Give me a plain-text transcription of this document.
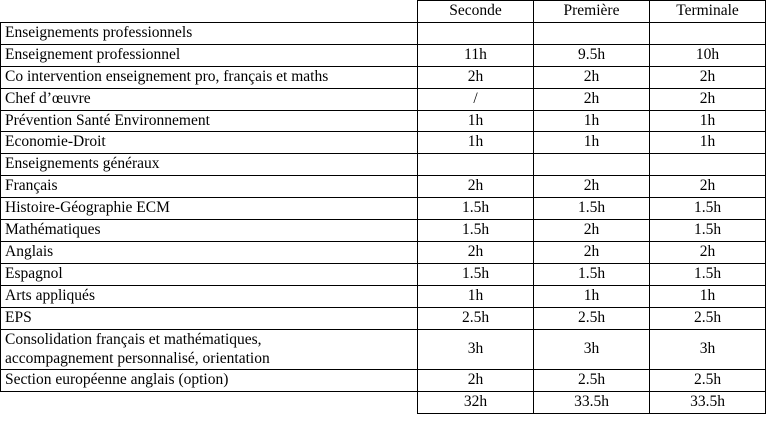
	Seconde	Première	Terminale
Enseignements professionnels			
Enseignement professionnel	11h	9.5h	10h
Co intervention enseignement pro, français et maths	2h	2h	2h
Chef d’œuvre	/	2h	2h
Prévention Santé Environnement	1h	1h	1h
Economie-Droit	1h	1h	1h
Enseignements généraux			
Français	2h	2h	2h
Histoire-Géographie ECM	1.5h	1.5h	1.5h
Mathématiques	1.5h	2h	1.5h
Anglais	2h	2h	2h
Espagnol	1.5h	1.5h	1.5h
Arts appliqués	1h	1h	1h
EPS	2.5h	2.5h	2.5h

Consolidation français et mathématiques,
accompagnement personnalisé, orientation	3h	3h	3h
Section européenne anglais (option)	2h	2.5h	2.5h
	32h	33.5h	33.5h
